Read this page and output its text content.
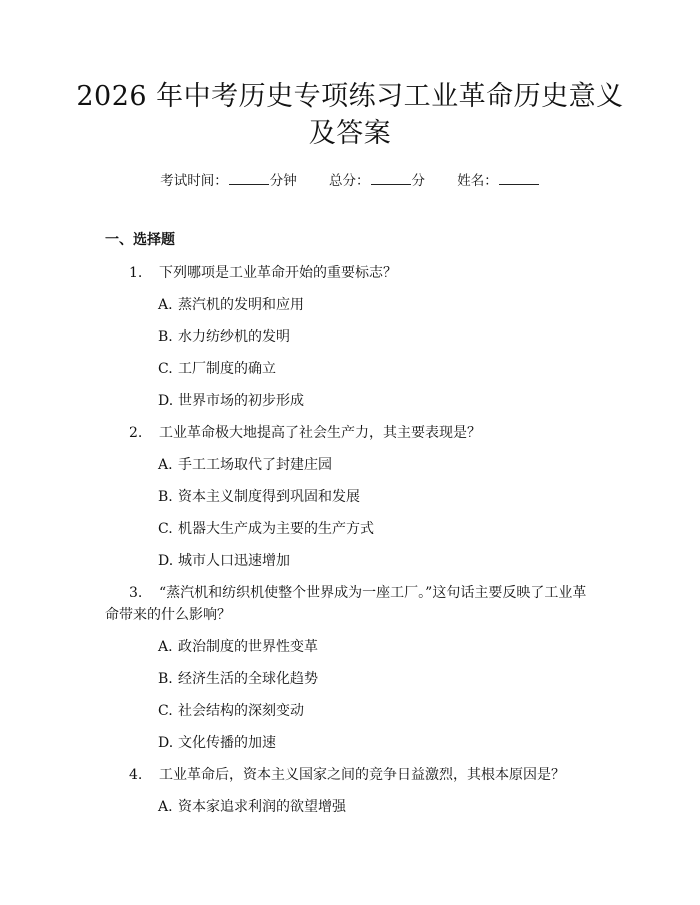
2026 年中考历史专项练习工业革命历史意义
及答案
考试时间：	分钟 总分：	分 姓名：
一、选择题
1. 下列哪项是工业革命开始的重要标志？
A. 蒸汽机的发明和应用
B. 水力纺纱机的发明
C. 工厂制度的确立
D. 世界市场的初步形成
2. 工业革命极大地提高了社会生产力，其主要表现是？
A. 手工工场取代了封建庄园
B. 资本主义制度得到巩固和发展
C. 机器大生产成为主要的生产方式
D. 城市人口迅速增加
3. “蒸汽机和纺织机使整个世界成为一座工厂。”这句话主要反映了工业革
命带来的什么影响？
A. 政治制度的世界性变革
B. 经济生活的全球化趋势
C. 社会结构的深刻变动
D. 文化传播的加速
4. 工业革命后，资本主义国家之间的竞争日益激烈，其根本原因是？
A. 资本家追求利润的欲望增强
